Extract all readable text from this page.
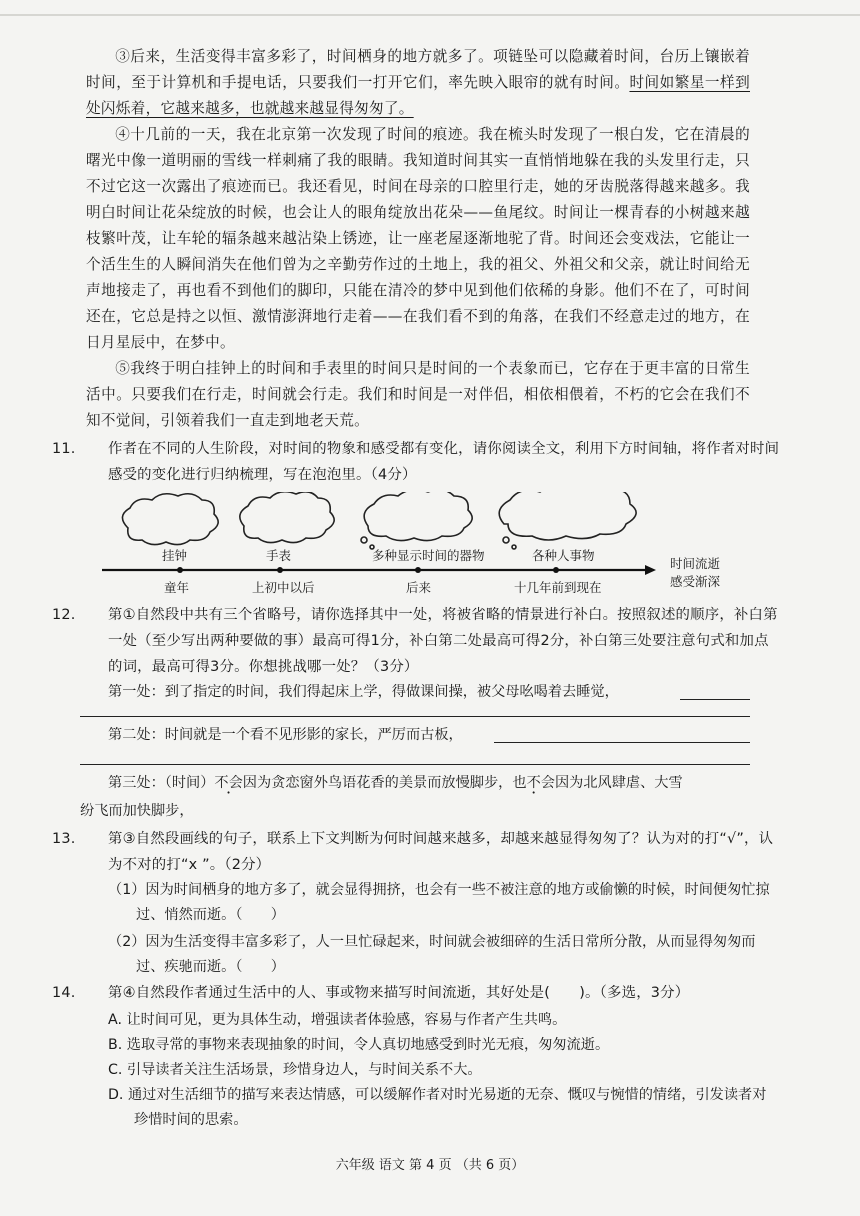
③后来，生活变得丰富多彩了，时间栖身的地方就多了。项链坠可以隐藏着时间，台历上镶嵌着时间，至于计算机和手提电话，只要我们一打开它们，率先映入眼帘的就有时间。时间如繁星一样到处闪烁着，它越来越多，也就越来越显得匆匆了。
④十几前的一天，我在北京第一次发现了时间的痕迹。我在梳头时发现了一根白发，它在清晨的曙光中像一道明丽的雪线一样刺痛了我的眼睛。我知道时间其实一直悄悄地躲在我的头发里行走，只不过它这一次露出了痕迹而已。我还看见，时间在母亲的口腔里行走，她的牙齿脱落得越来越多。我明白时间让花朵绽放的时候，也会让人的眼角绽放出花朵——鱼尾纹。时间让一棵青春的小树越来越枝繁叶茂，让车轮的辐条越来越沾染上锈迹，让一座老屋逐渐地驼了背。时间还会变戏法，它能让一个活生生的人瞬间消失在他们曾为之辛勤劳作过的土地上，我的祖父、外祖父和父亲，就让时间给无声地接走了，再也看不到他们的脚印，只能在清冷的梦中见到他们依稀的身影。他们不在了，可时间还在，它总是持之以恒、激情澎湃地行走着——在我们看不到的角落，在我们不经意走过的地方，在日月星辰中，在梦中。
⑤我终于明白挂钟上的时间和手表里的时间只是时间的一个表象而已，它存在于更丰富的日常生活中。只要我们在行走，时间就会行走。我们和时间是一对伴侣，相依相偎着，不朽的它会在我们不知不觉间，引领着我们一直走到地老天荒。
11. 作者在不同的人生阶段，对时间的物象和感受都有变化，请你阅读全文，利用下方时间轴，将作者对时间感受的变化进行归纳梳理，写在泡泡里。（4分）
挂钟	手表	多种显示时间的器物	各种人事物
童年	上初中以后	后来	十几年前到现在
时间流逝
感受渐深
12. 第①自然段中共有三个省略号，请你选择其中一处，将被省略的情景进行补白。按照叙述的顺序，补白第一处（至少写出两种要做的事）最高可得1分，补白第二处最高可得2分，补白第三处要注意句式和加点的词，最高可得3分。你想挑战哪一处？（3分）
第一处：到了指定的时间，我们得起床上学，得做课间操，被父母吆喝着去睡觉，
第二处：时间就是一个看不见形影的家长，严厉而古板，
第三处：（时间）不会因为贪恋窗外鸟语花香的美景而放慢脚步，也不会因为北风肆虐、大雪
纷飞而加快脚步，
13. 第③自然段画线的句子，联系上下文判断为何时间越来越多，却越来越显得匆匆了？认为对的打“√”，认为不对的打“x ”。（2分）
（1）因为时间栖身的地方多了，就会显得拥挤，也会有一些不被注意的地方或偷懒的时候，时间便匆忙掠过、悄然而逝。（　　）
（2）因为生活变得丰富多彩了，人一旦忙碌起来，时间就会被细碎的生活日常所分散，从而显得匆匆而过、疾驰而逝。（　　）
14. 第④自然段作者通过生活中的人、事或物来描写时间流逝，其好处是(　　)。（多选，3分）
A. 让时间可见，更为具体生动，增强读者体验感，容易与作者产生共鸣。
B. 选取寻常的事物来表现抽象的时间，令人真切地感受到时光无痕，匆匆流逝。
C. 引导读者关注生活场景，珍惜身边人，与时间关系不大。
D. 通过对生活细节的描写来表达情感，可以缓解作者对时光易逝的无奈、慨叹与惋惜的情绪，引发读者对珍惜时间的思索。
六年级 语文 第 4 页 （共 6 页）
